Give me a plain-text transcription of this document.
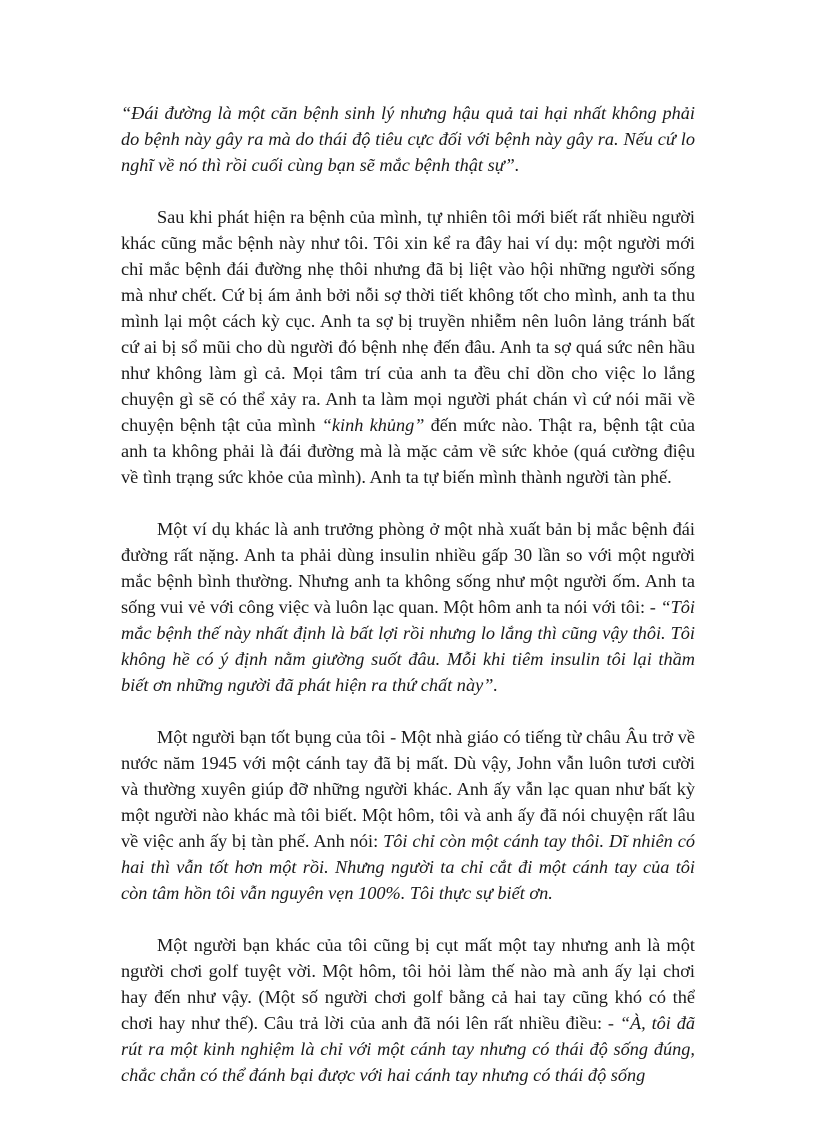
“Đái đường là một căn bệnh sinh lý nhưng hậu quả tai hại nhất không phải do bệnh này gây ra mà do thái độ tiêu cực đối với bệnh này gây ra. Nếu cứ lo nghĩ về nó thì rồi cuối cùng bạn sẽ mắc bệnh thật sự”.

Sau khi phát hiện ra bệnh của mình, tự nhiên tôi mới biết rất nhiều người khác cũng mắc bệnh này như tôi. Tôi xin kể ra đây hai ví dụ: một người mới chỉ mắc bệnh đái đường nhẹ thôi nhưng đã bị liệt vào hội những người sống mà như chết. Cứ bị ám ảnh bởi nỗi sợ thời tiết không tốt cho mình, anh ta thu mình lại một cách kỳ cục. Anh ta sợ bị truyền nhiễm nên luôn lảng tránh bất cứ ai bị sổ mũi cho dù người đó bệnh nhẹ đến đâu. Anh ta sợ quá sức nên hầu như không làm gì cả. Mọi tâm trí của anh ta đều chỉ dồn cho việc lo lắng chuyện gì sẽ có thể xảy ra. Anh ta làm mọi người phát chán vì cứ nói mãi về chuyện bệnh tật của mình “kinh khủng” đến mức nào. Thật ra, bệnh tật của anh ta không phải là đái đường mà là mặc cảm về sức khỏe (quá cường điệu về tình trạng sức khỏe của mình). Anh ta tự biến mình thành người tàn phế.

Một ví dụ khác là anh trưởng phòng ở một nhà xuất bản bị mắc bệnh đái đường rất nặng. Anh ta phải dùng insulin nhiều gấp 30 lần so với một người mắc bệnh bình thường. Nhưng anh ta không sống như một người ốm. Anh ta sống vui vẻ với công việc và luôn lạc quan. Một hôm anh ta nói với tôi: - “Tôi mắc bệnh thế này nhất định là bất lợi rồi nhưng lo lắng thì cũng vậy thôi. Tôi không hề có ý định nằm giường suốt đâu. Mỗi khi tiêm insulin tôi lại thầm biết ơn những người đã phát hiện ra thứ chất này”.

Một người bạn tốt bụng của tôi - Một nhà giáo có tiếng từ châu Âu trở về nước năm 1945 với một cánh tay đã bị mất. Dù vậy, John vẫn luôn tươi cười và thường xuyên giúp đỡ những người khác. Anh ấy vẫn lạc quan như bất kỳ một người nào khác mà tôi biết. Một hôm, tôi và anh ấy đã nói chuyện rất lâu về việc anh ấy bị tàn phế. Anh nói: Tôi chỉ còn một cánh tay thôi. Dĩ nhiên có hai thì vẫn tốt hơn một rồi. Nhưng người ta chỉ cắt đi một cánh tay của tôi còn tâm hồn tôi vẫn nguyên vẹn 100%. Tôi thực sự biết ơn.

Một người bạn khác của tôi cũng bị cụt mất một tay nhưng anh là một người chơi golf tuyệt vời. Một hôm, tôi hỏi làm thế nào mà anh ấy lại chơi hay đến như vậy. (Một số người chơi golf bằng cả hai tay cũng khó có thể chơi hay như thế). Câu trả lời của anh đã nói lên rất nhiều điều: - “À, tôi đã rút ra một kinh nghiệm là chỉ với một cánh tay nhưng có thái độ sống đúng, chắc chắn có thể đánh bại được với hai cánh tay nhưng có thái độ sống
